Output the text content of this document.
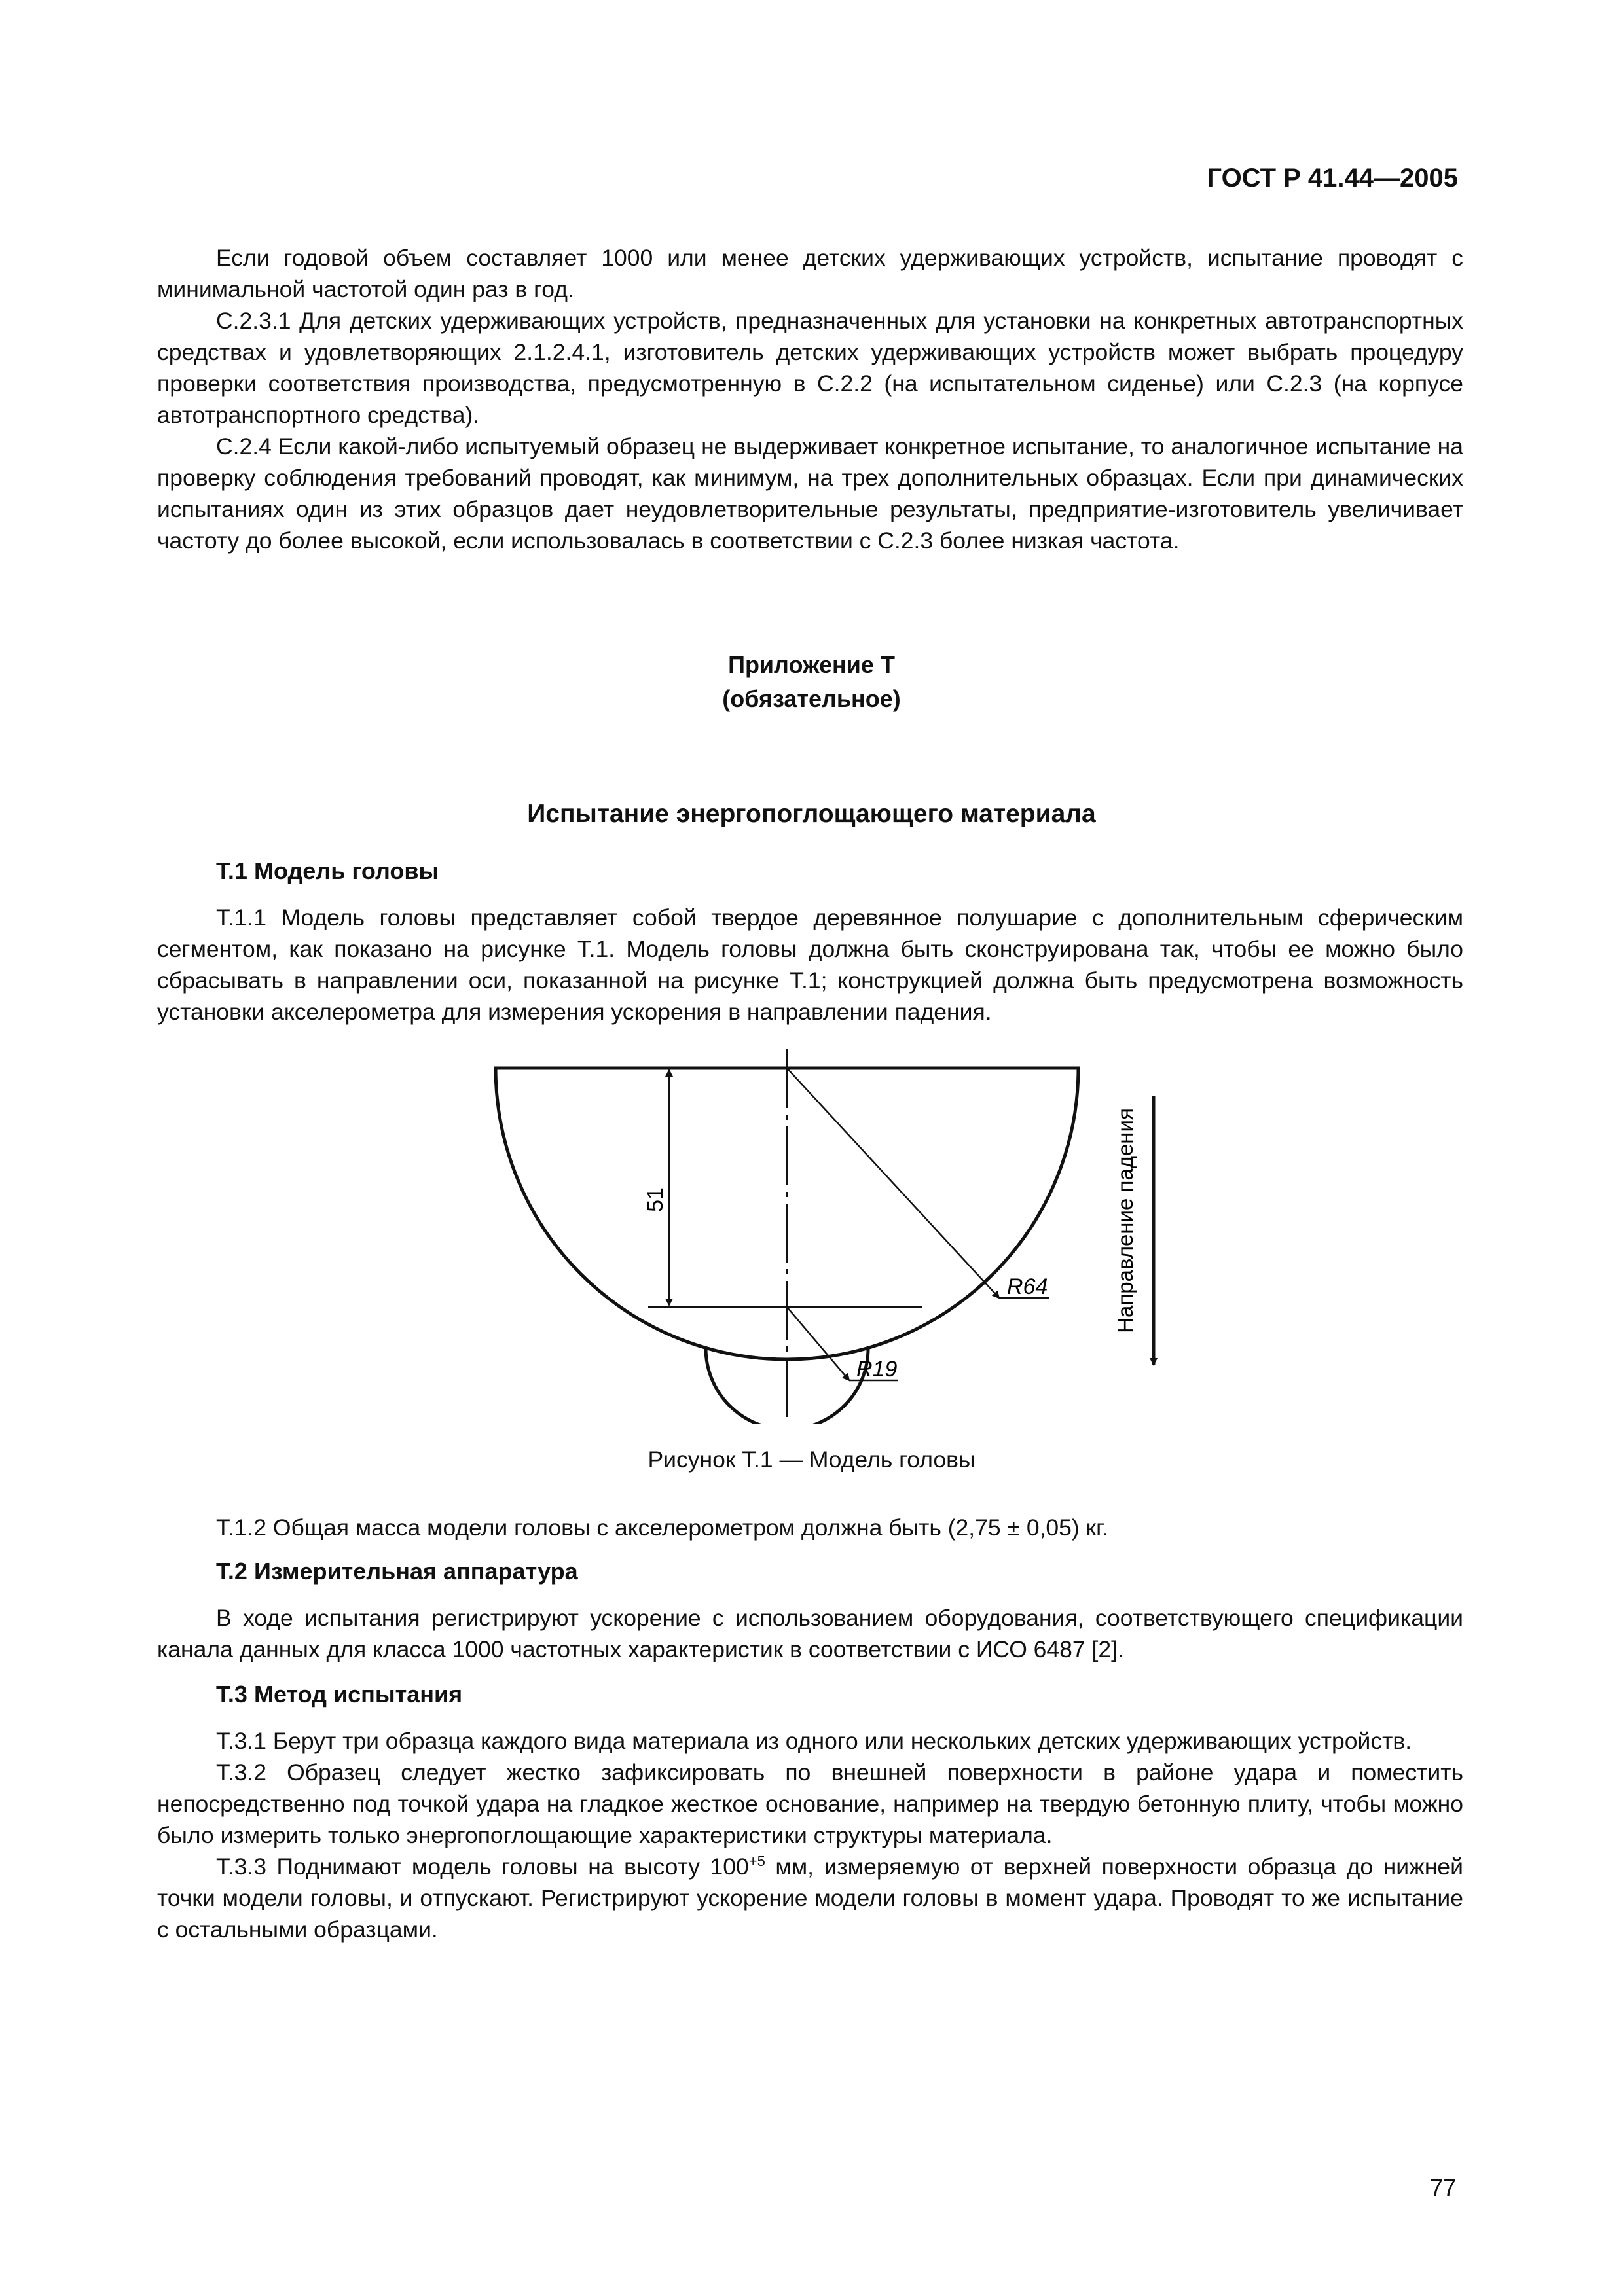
ГОСТ Р 41.44—2005

Если годовой объем составляет 1000 или менее детских удерживающих устройств, испытание проводят с минимальной частотой один раз в год.

C.2.3.1 Для детских удерживающих устройств, предназначенных для установки на конкретных автотранспортных средствах и удовлетворяющих 2.1.2.4.1, изготовитель детских удерживающих устройств может выбрать процедуру проверки соответствия производства, предусмотренную в С.2.2 (на испытательном сиденье) или С.2.3 (на корпусе автотранспортного средства).

С.2.4 Если какой-либо испытуемый образец не выдерживает конкретное испытание, то аналогичное испытание на проверку соблюдения требований проводят, как минимум, на трех дополнительных образцах. Если при динамических испытаниях один из этих образцов дает неудовлетворительные результаты, предприятие-изготовитель увеличивает частоту до более высокой, если использовалась в соответствии с С.2.3 более низкая частота.

Приложение Т
(обязательное)
Испытание энергопоглощающего материала
Т.1 Модель головы

Т.1.1 Модель головы представляет собой твердое деревянное полушарие с дополнительным сферическим сегментом, как показано на рисунке Т.1. Модель головы должна быть сконструирована так, чтобы ее можно было сбрасывать в направлении оси, показанной на рисунке Т.1; конструкцией должна быть предусмотрена возможность установки акселерометра для измерения ускорения в направлении падения.

51
R64
R19
Направление падения
Рисунок Т.1 — Модель головы

Т.1.2 Общая масса модели головы с акселерометром должна быть (2,75 ± 0,05) кг.

Т.2 Измерительная аппаратура

В ходе испытания регистрируют ускорение с использованием оборудования, соответствующего спецификации канала данных для класса 1000 частотных характеристик в соответствии с ИСО 6487 [2].

Т.3 Метод испытания

Т.3.1 Берут три образца каждого вида материала из одного или нескольких детских удерживающих устройств.

Т.3.2 Образец следует жестко зафиксировать по внешней поверхности в районе удара и поместить непосредственно под точкой удара на гладкое жесткое основание, например на твердую бетонную плиту, чтобы можно было измерить только энергопоглощающие характеристики структуры материала.

Т.3.3 Поднимают модель головы на высоту $100^{+5}$ мм, измеряемую от верхней поверхности образца до нижней точки модели головы, и отпускают. Регистрируют ускорение модели головы в момент удара. Проводят то же испытание с остальными образцами.

77
